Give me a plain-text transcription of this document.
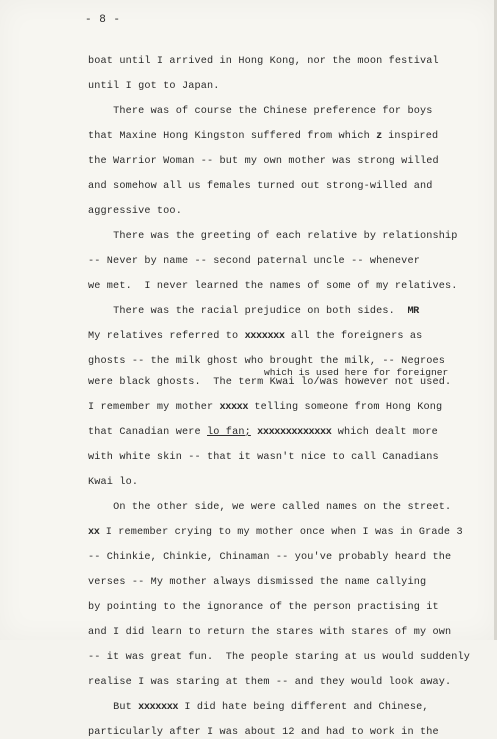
- 8 -
boat until I arrived in Hong Kong, nor the moon festival
until I got to Japan.
There was of course the Chinese preference for boys
that Maxine Hong Kingston suffered from which z inspired
the Warrior Woman -- but my own mother was strong willed
and somehow all us females turned out strong-willed and
aggressive too.
There was the greeting of each relative by relationship
-- Never by name -- second paternal uncle -- whenever
we met.  I never learned the names of some of my relatives.
There was the racial prejudice on both sides. MR
My relatives referred to xxxxxxx all the foreigners as
ghosts -- the milk ghost who brought the milk, -- Negroes
which is used here for foreigner
were black ghosts.  The term Kwai lo/was however not used.
I remember my mother xxxxx telling someone from Hong Kong
that Canadian were lo fan; xxxxxxxxxxxxx which dealt more
with white skin -- that it wasn't nice to call Canadians
Kwai lo.
On the other side, we were called names on the street.
xx I remember crying to my mother once when I was in Grade 3
-- Chinkie, Chinkie, Chinaman -- you've probably heard the
verses -- My mother always dismissed the name callying
by pointing to the ignorance of the person practising it
and I did learn to return the stares with stares of my own
-- it was great fun.  The people staring at us would suddenly
realise I was staring at them -- and they would look away.
But xxxxxxx I did hate being different and Chinese,
particularly after I was about 12 and had to work in the
